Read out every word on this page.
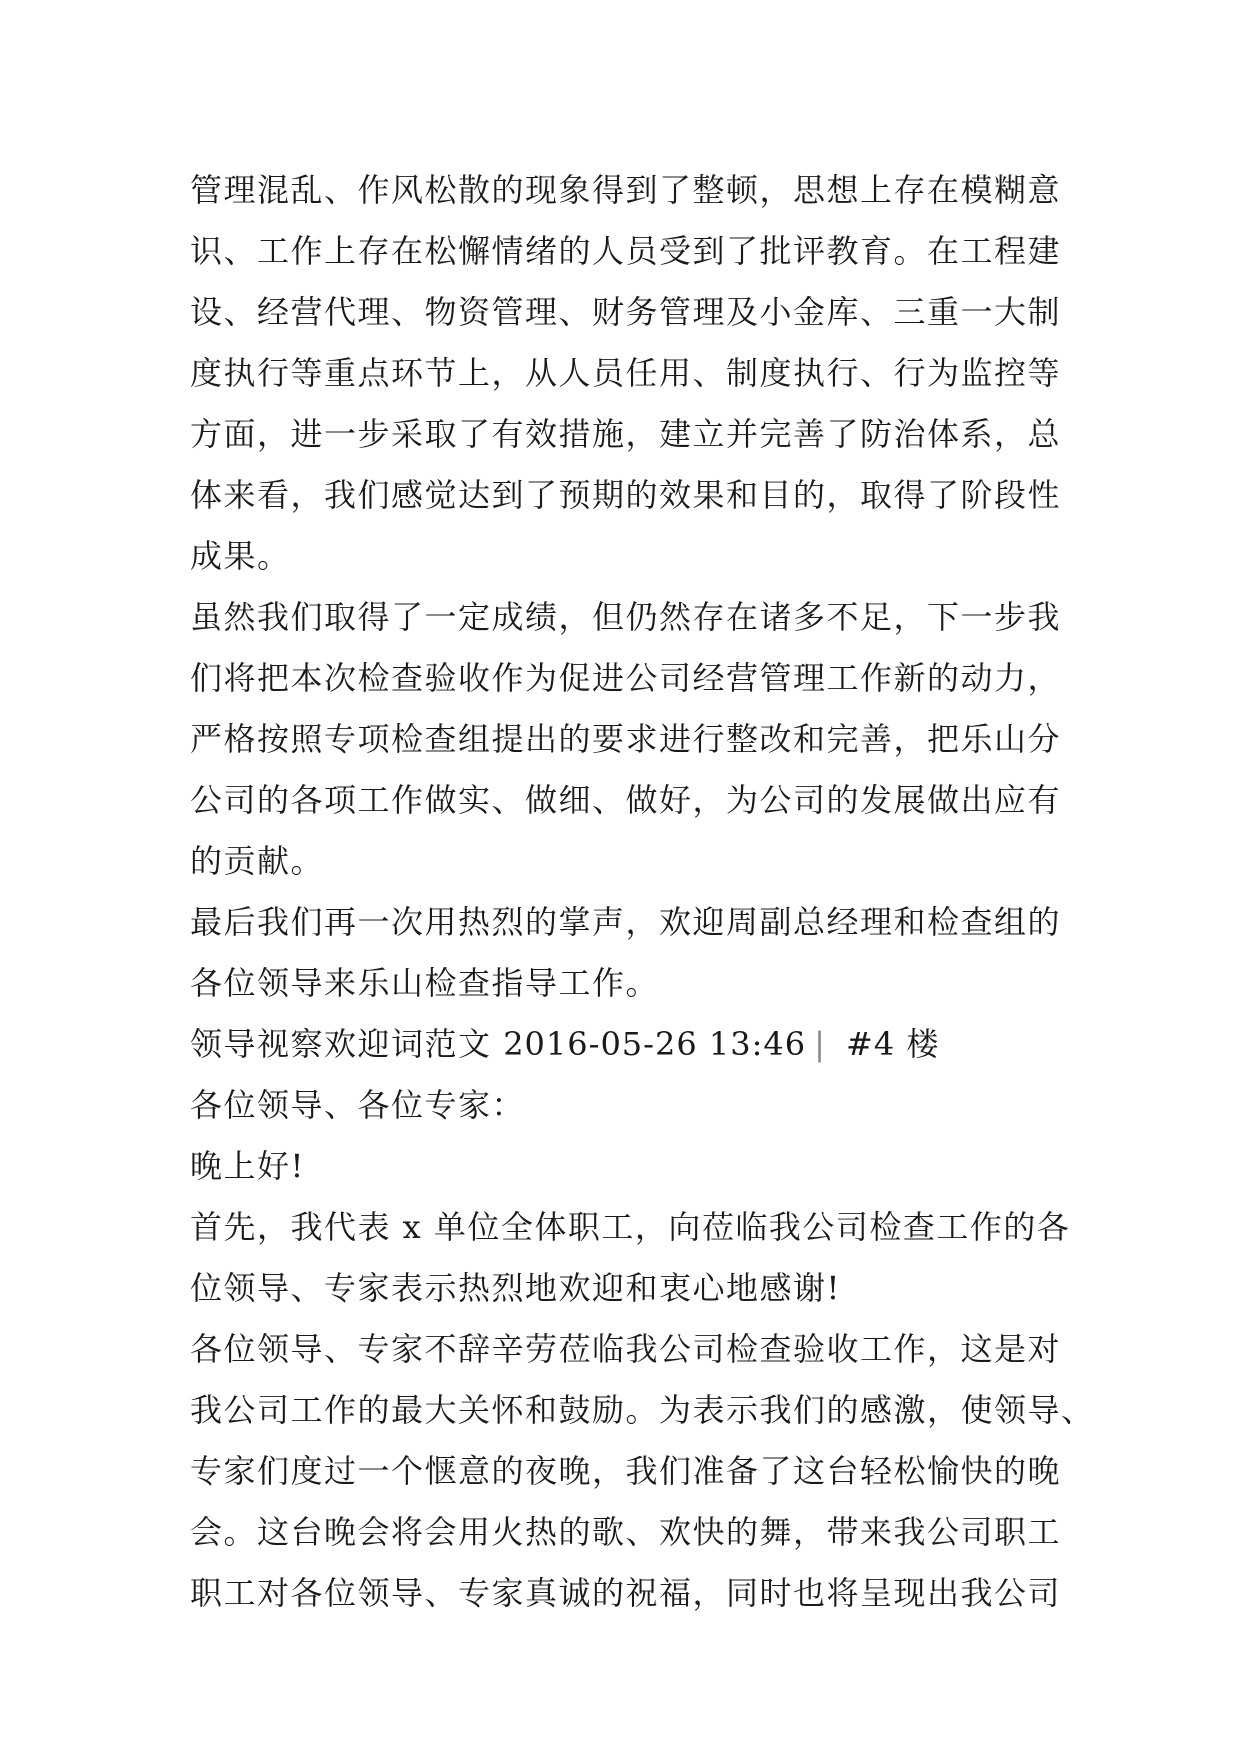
管理混乱、作风松散的现象得到了整顿，思想上存在模糊意
识、工作上存在松懈情绪的人员受到了批评教育。在工程建
设、经营代理、物资管理、财务管理及小金库、三重一大制
度执行等重点环节上，从人员任用、制度执行、行为监控等
方面，进一步采取了有效措施，建立并完善了防治体系，总
体来看，我们感觉达到了预期的效果和目的，取得了阶段性
成果。
虽然我们取得了一定成绩，但仍然存在诸多不足，下一步我
们将把本次检查验收作为促进公司经营管理工作新的动力，
严格按照专项检查组提出的要求进行整改和完善，把乐山分
公司的各项工作做实、做细、做好，为公司的发展做出应有
的贡献。
最后我们再一次用热烈的掌声，欢迎周副总经理和检查组的
各位领导来乐山检查指导工作。
领导视察欢迎词范文 2016-05-26 13:46 | #4 楼
各位领导、各位专家：
晚上好!
首先，我代表 x 单位全体职工，向莅临我公司检查工作的各
位领导、专家表示热烈地欢迎和衷心地感谢!
各位领导、专家不辞辛劳莅临我公司检查验收工作，这是对
我公司工作的最大关怀和鼓励。为表示我们的感激，使领导、
专家们度过一个惬意的夜晚，我们准备了这台轻松愉快的晚
会。这台晚会将会用火热的歌、欢快的舞，带来我公司职工
职工对各位领导、专家真诚的祝福，同时也将呈现出我公司
